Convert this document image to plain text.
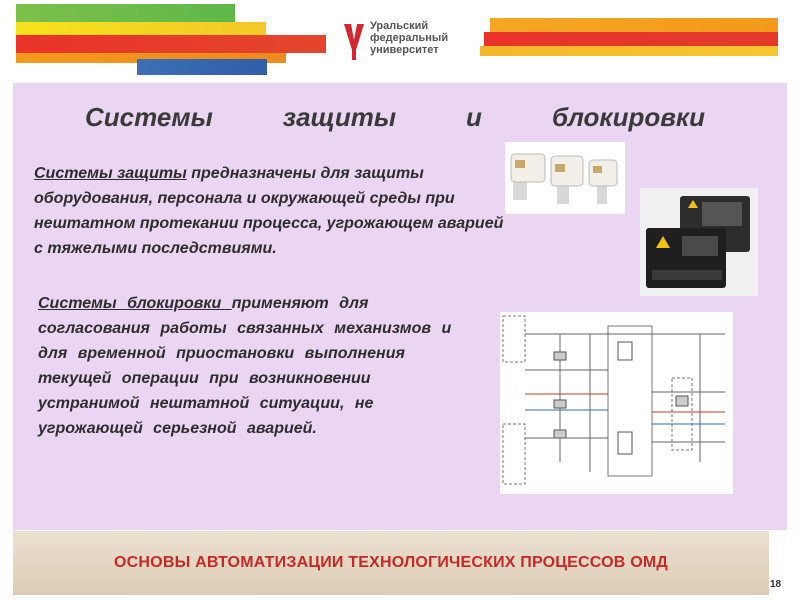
Уральский
федеральный
университет
Системы	защиты	и	блокировки

Системы защиты предназначены для защиты оборудования, персонала и окружающей среды при нештатном протекании процесса, угрожающем аварией с тяжелыми последствиями.

Системы блокировки применяют для согласования работы связанных механизмов и для временной приостановки выполнения текущей операции при возникновении устранимой нештатной ситуации, не угрожающей серьезной аварией.

ОСНОВЫ АВТОМАТИЗАЦИИ ТЕХНОЛОГИЧЕСКИХ ПРОЦЕССОВ ОМД
18
